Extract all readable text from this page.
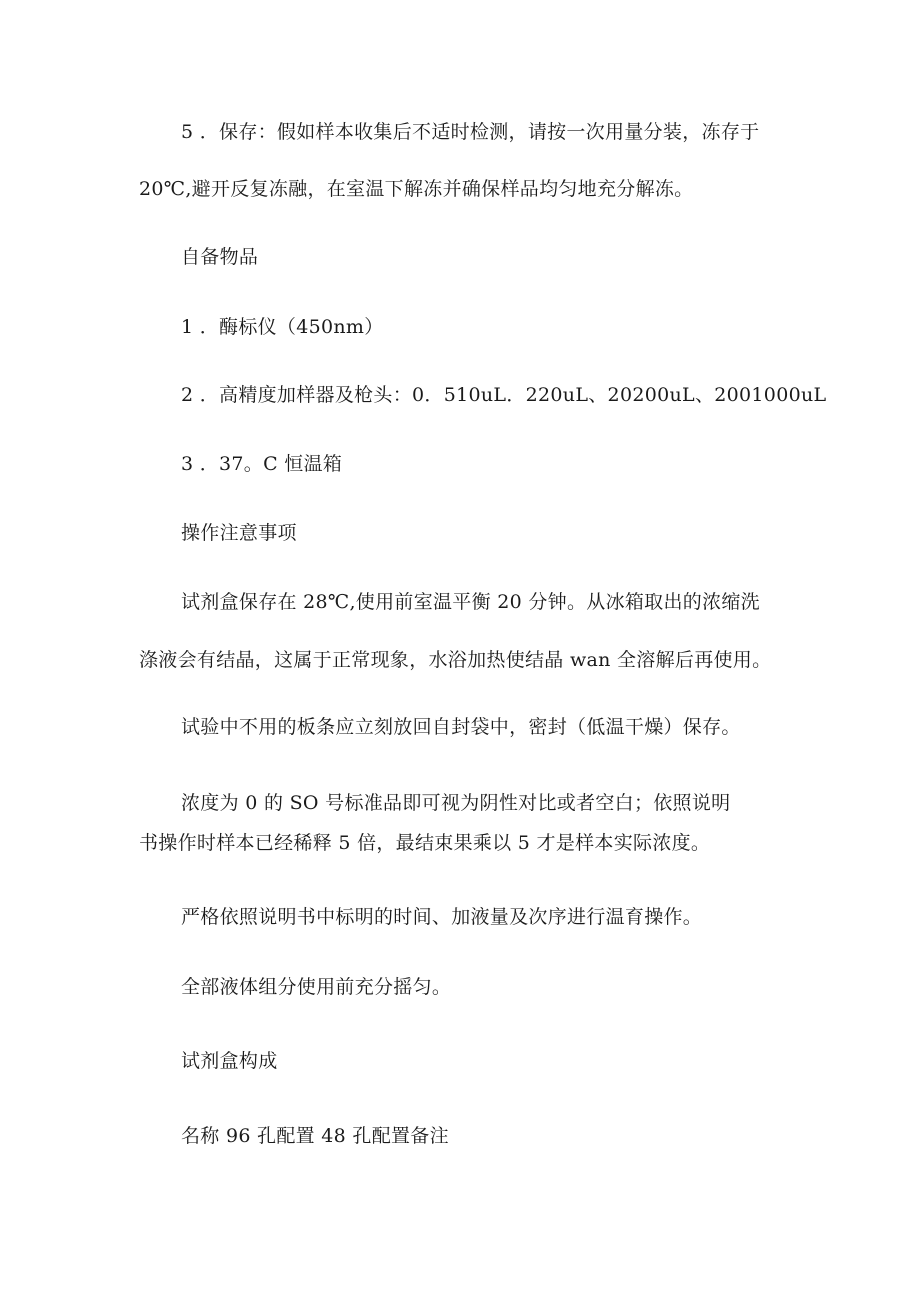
5 ．保存：假如样本收集后不适时检测，请按一次用量分装，冻存于
20℃,避开反复冻融，在室温下解冻并确保样品均匀地充分解冻。
自备物品
1 ．酶标仪（450nm）
2 ．高精度加样器及枪头：0．510uL．220uL、20200uL、2001000uL
3 ．37。C 恒温箱
操作注意事项
试剂盒保存在 28℃,使用前室温平衡 20 分钟。从冰箱取出的浓缩洗
涤液会有结晶，这属于正常现象，水浴加热使结晶 wan 全溶解后再使用。
试验中不用的板条应立刻放回自封袋中，密封（低温干燥）保存。
浓度为 0 的 SO 号标准品即可视为阴性对比或者空白；依照说明
书操作时样本已经稀释 5 倍，最结束果乘以 5 才是样本实际浓度。
严格依照说明书中标明的时间、加液量及次序进行温育操作。
全部液体组分使用前充分摇匀。
试剂盒构成
名称 96 孔配置 48 孔配置备注
